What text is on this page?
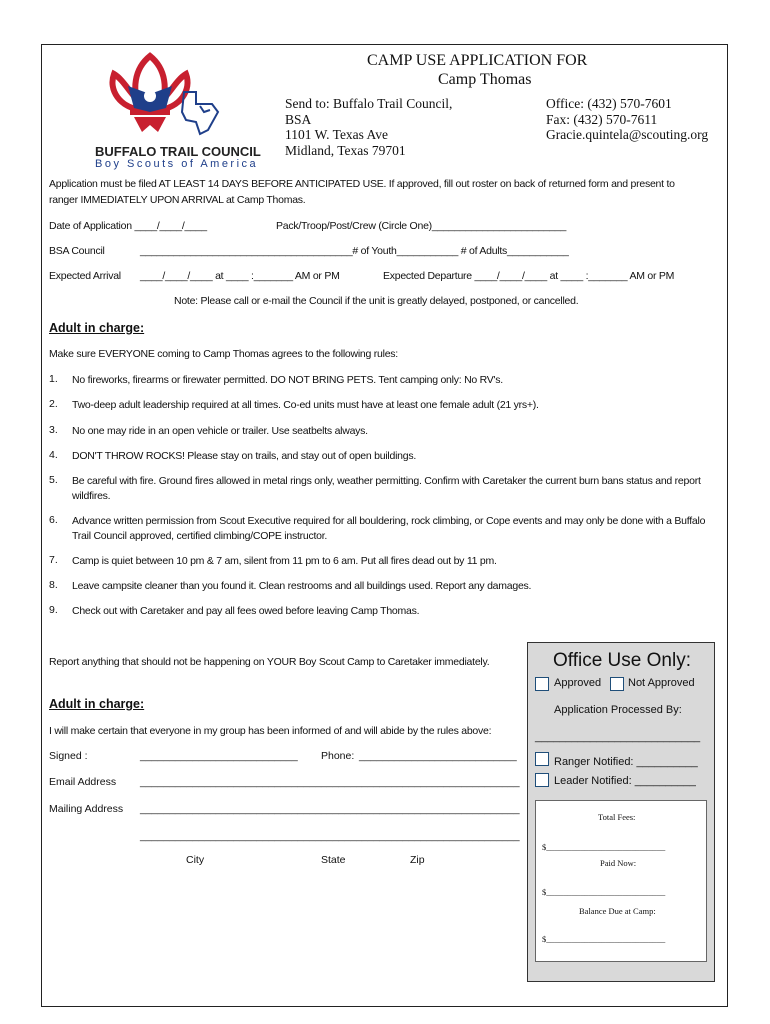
BUFFALO TRAIL COUNCIL
Boy Scouts of America
CAMP USE APPLICATION FOR
Camp Thomas
Send to: Buffalo Trail Council,
BSA
1101 W. Texas Ave
Midland, Texas 79701
Office: (432) 570-7601
Fax: (432) 570-7611
Gracie.quintela@scouting.org
Application must be filed AT LEAST 14 DAYS BEFORE ANTICIPATED USE. If approved, fill out roster on back of returned form and present to
ranger IMMEDIATELY UPON ARRIVAL at Camp Thomas.
Date of Application ____/____/____	Pack/Troop/Post/Crew (Circle One)________________________
BSA Council	______________________________________# of Youth___________ # of Adults___________
Expected Arrival ____/____/____ at ____ :_______ AM or PM	Expected Departure ____/____/____ at ____ :_______ AM or PM
Note: Please call or e-mail the Council if the unit is greatly delayed, postponed, or cancelled.
Adult in charge:
Make sure EVERYONE coming to Camp Thomas agrees to the following rules:
1. No fireworks, firearms or firewater permitted. DO NOT BRING PETS. Tent camping only: No RV's.
2. Two-deep adult leadership required at all times. Co-ed units must have at least one female adult (21 yrs+).
3. No one may ride in an open vehicle or trailer. Use seatbelts always.
4. DON'T THROW ROCKS! Please stay on trails, and stay out of open buildings.
5. Be careful with fire. Ground fires allowed in metal rings only, weather permitting. Confirm with Caretaker the current burn bans status and report wildfires.
6. Advance written permission from Scout Executive required for all bouldering, rock climbing, or Cope events and may only be done with a Buffalo Trail Council approved, certified climbing/COPE instructor.
7. Camp is quiet between 10 pm & 7 am, silent from 11 pm to 6 am. Put all fires dead out by 11 pm.
8. Leave campsite cleaner than you found it. Clean restrooms and all buildings used. Report any damages.
9. Check out with Caretaker and pay all fees owed before leaving Camp Thomas.
Report anything that should not be happening on YOUR Boy Scout Camp to Caretaker immediately.
Adult in charge:
I will make certain that everyone in my group has been informed of and will abide by the rules above:
Signed :	___________________________ Phone: ___________________________
Email Address _________________________________________________________________
Mailing Address _________________________________________________________________
_________________________________________________________________
City	State	Zip
Office Use Only:
Approved Not Approved
Application Processed By:
___________________________
Ranger Notified: __________
Leader Notified: __________
Total Fees:
$____________________________
Paid Now:
$____________________________
Balance Due at Camp:
$____________________________
